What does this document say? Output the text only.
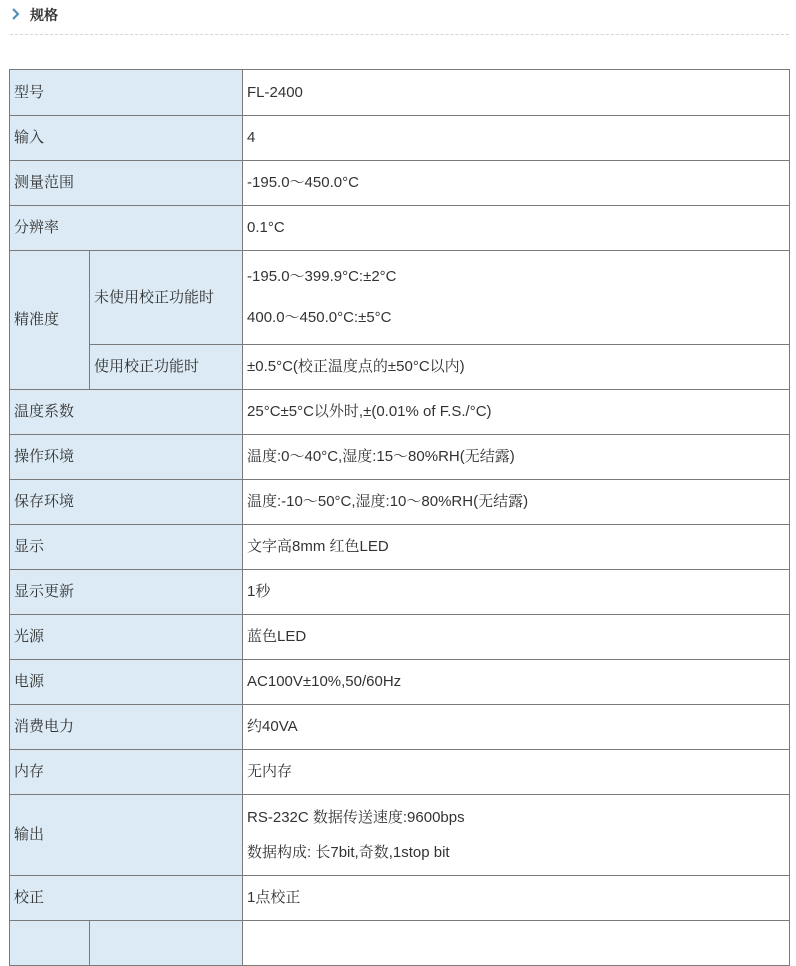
规格
型号		FL-2400
输入		4
测量范围		-195.0～450.0°C
分辨率		0.1°C
精准度	未使用校正功能时	-195.0～399.9°C:±2°C
400.0～450.0°C:±5°C

	使用校正功能时	±0.5°C(校正温度点的±50°C以内)
温度系数		25°C±5°C以外时,±(0.01% of F.S./°C)
操作环境		温度:0～40°C,湿度:15～80%RH(无结露)
保存环境		温度:-10～50°C,湿度:10～80%RH(无结露)
显示		文字高8mm 红色LED
显示更新		1秒
光源		蓝色LED
电源		AC100V±10%,50/60Hz
消费电力		约40VA
内存		无内存
输出		RS-232C 数据传送速度:9600bps
数据构成: 长7bit,奇数,1stop bit

校正		1点校正
